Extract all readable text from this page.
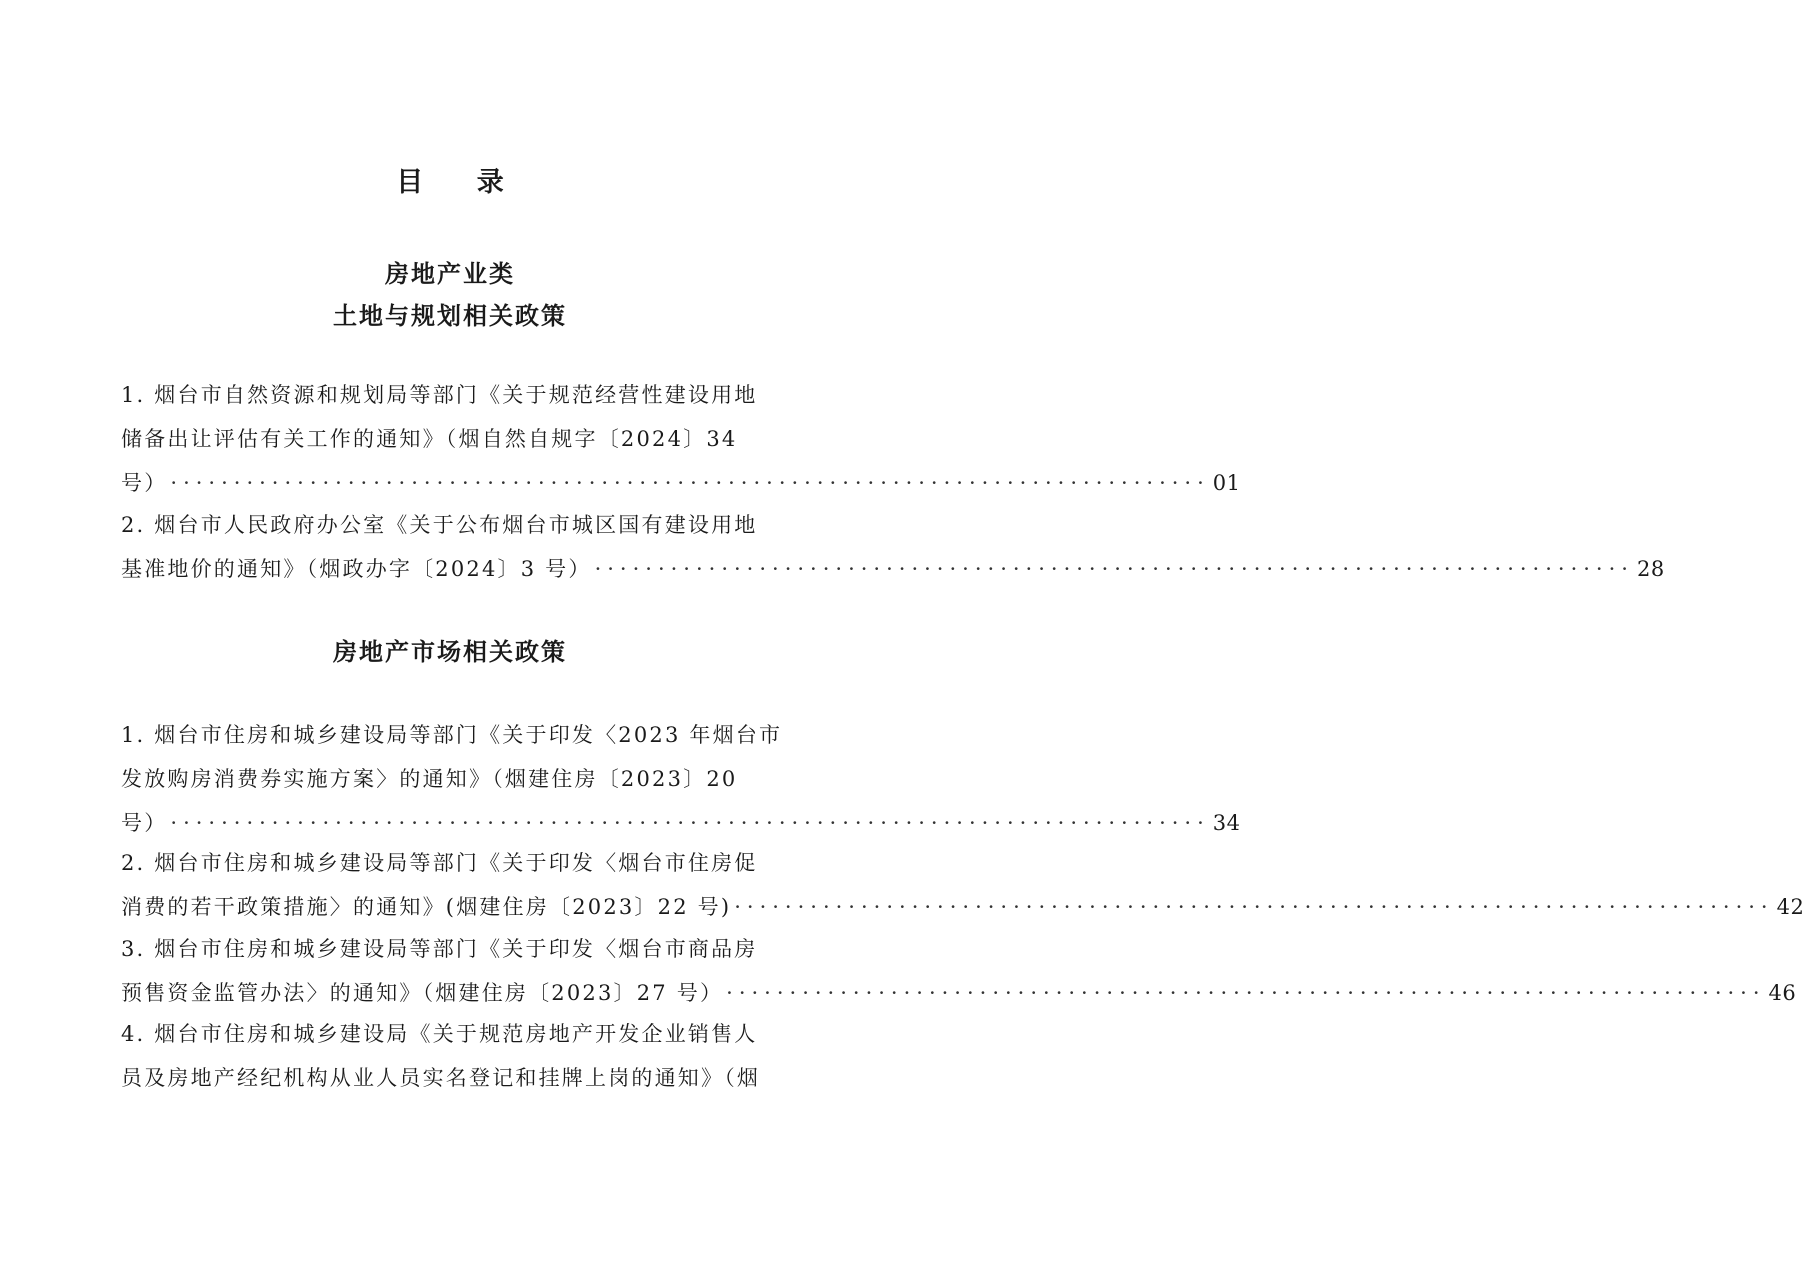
目 录
房地产业类
土地与规划相关政策
1. 烟台市自然资源和规划局等部门《关于规范经营性建设用地
储备出让评估有关工作的通知》（烟自然自规字〔2024〕34
号） ·················································································· 01
2. 烟台市人民政府办公室《关于公布烟台市城区国有建设用地
基准地价的通知》（烟政办字〔2024〕3 号） ·················································································· 28
房地产市场相关政策
1. 烟台市住房和城乡建设局等部门《关于印发〈2023 年烟台市
发放购房消费券实施方案〉的通知》（烟建住房〔2023〕20
号） ·················································································· 34
2. 烟台市住房和城乡建设局等部门《关于印发〈烟台市住房促
消费的若干政策措施〉的通知》(烟建住房〔2023〕22 号) ·················································································· 42
3. 烟台市住房和城乡建设局等部门《关于印发〈烟台市商品房
预售资金监管办法〉的通知》（烟建住房〔2023〕27 号） ·················································································· 46
4. 烟台市住房和城乡建设局《关于规范房地产开发企业销售人
员及房地产经纪机构从业人员实名登记和挂牌上岗的通知》（烟
